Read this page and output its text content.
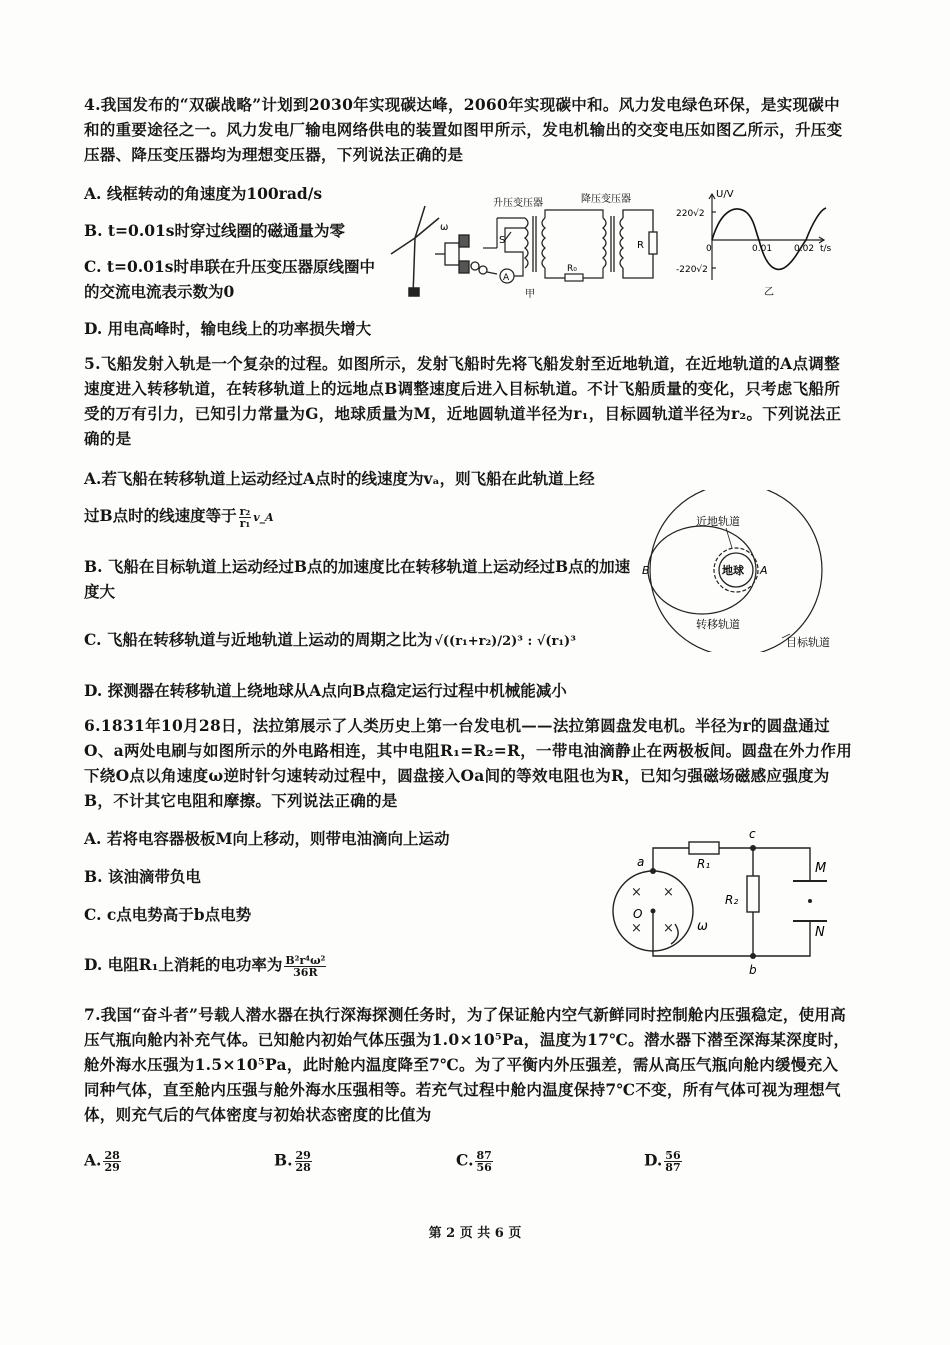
4.我国发布的“双碳战略”计划到2030年实现碳达峰，2060年实现碳中和。风力发电绿色环保，是实现碳中和的重要途径之一。风力发电厂输电网络供电的装置如图甲所示，发电机输出的交变电压如图乙所示，升压变压器、降压变压器均为理想变压器，下列说法正确的是
A. 线框转动的角速度为100rad/s
B. t=0.01s时穿过线圈的磁通量为零
C. t=0.01s时串联在升压变压器原线圈中的交流电流表示数为0
D. 用电高峰时，输电线上的功率损失增大
ω
A
S
升压变压器
R₀
降压变压器
R
甲
U/V
220√2
-220√2
0	0.01 0.02 t/s
乙
5.飞船发射入轨是一个复杂的过程。如图所示，发射飞船时先将飞船发射至近地轨道，在近地轨道的A点调整速度进入转移轨道，在转移轨道上的远地点B调整速度后进入目标轨道。不计飞船质量的变化，只考虑飞船所受的万有引力，已知引力常量为G，地球质量为M，近地圆轨道半径为r₁，目标圆轨道半径为r₂。下列说法正确的是
A.若飞船在转移轨道上运动经过A点时的线速度为vₐ，则飞船在此轨道上经
过B点时的线速度等于 $\frac{\text{r₂}}{\text{r₁}}$ v_A
B. 飞船在目标轨道上运动经过B点的加速度比在转移轨道上运动经过B点的加速度大
C. 飞船在转移轨道与近地轨道上运动的周期之比为 √((r₁+r₂)/2)³ : √(r₁)³
D. 探测器在转移轨道上绕地球从A点向B点稳定运行过程中机械能减小
地球
近地轨道
转移轨道
目标轨道
A
B
6.1831年10月28日，法拉第展示了人类历史上第一台发电机——法拉第圆盘发电机。半径为r的圆盘通过O、a两处电刷与如图所示的外电路相连，其中电阻R₁=R₂=R，一带电油滴静止在两极板间。圆盘在外力作用下绕O点以角速度ω逆时针匀速转动过程中，圆盘接入Oa间的等效电阻也为R，已知匀强磁场磁感应强度为B，不计其它电阻和摩擦。下列说法正确的是
A. 若将电容器极板M向上移动，则带电油滴向上运动
B. 该油滴带负电
C. c点电势高于b点电势
D. 电阻R₁上消耗的电功率为 $\frac{\text{B²r⁴ω²}}{36R}$
× ×
× ×
O
a
c
b
R₁
R₂
M
N
ω
7.我国“奋斗者”号载人潜水器在执行深海探测任务时，为了保证舱内空气新鲜同时控制舱内压强稳定，使用高压气瓶向舱内补充气体。已知舱内初始气体压强为1.0×10⁵Pa，温度为17℃。潜水器下潜至深海某深度时，舱外海水压强为1.5×10⁵Pa，此时舱内温度降至7℃。为了平衡内外压强差，需从高压气瓶向舱内缓慢充入同种气体，直至舱内压强与舱外海水压强相等。若充气过程中舱内温度保持7℃不变，所有气体可视为理想气体，则充气后的气体密度与初始状态密度的比值为
A. $\frac{28}{29}$	B. $\frac{29}{28}$	C. $\frac{87}{56}$	D. $\frac{56}{87}$
第 2 页 共 6 页
